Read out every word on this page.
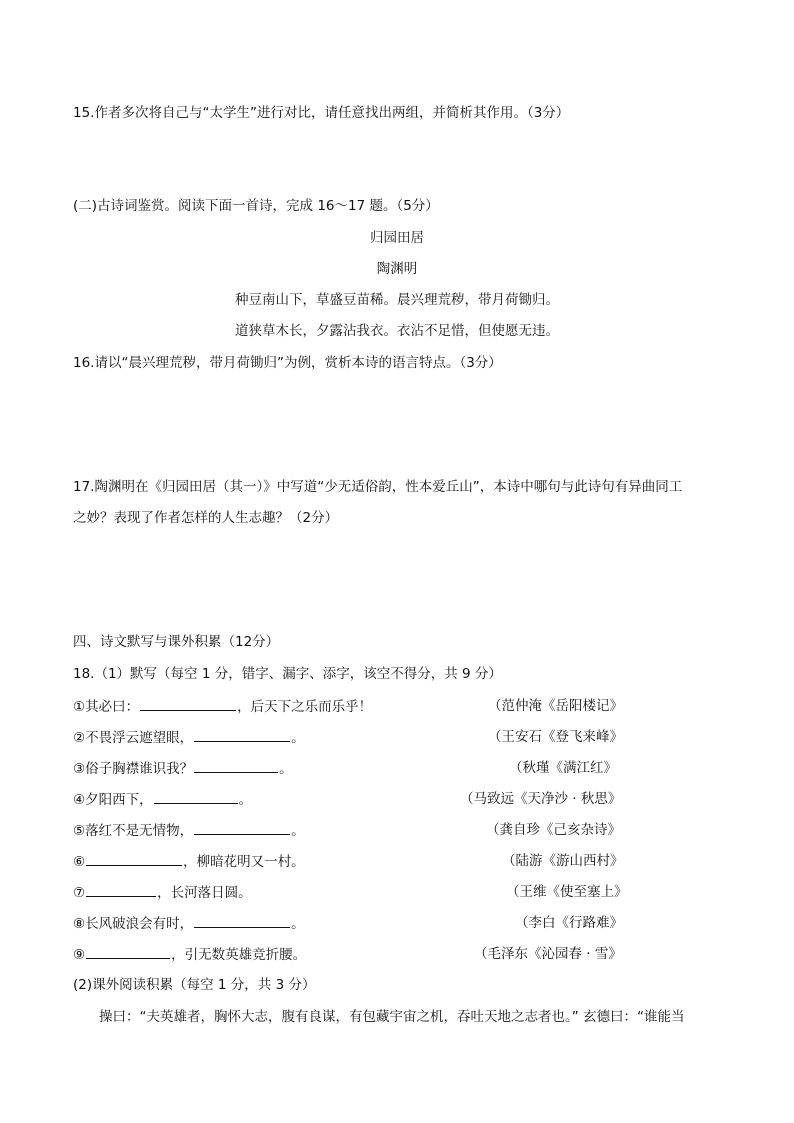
15.作者多次将自己与“太学生”进行对比，请任意找出两组，并简析其作用。（3分）
(二)古诗词鉴赏。阅读下面一首诗，完成 16～17 题。（5分）
归园田居
陶渊明
种豆南山下，草盛豆苗稀。晨兴理荒秽，带月荷锄归。
道狭草木长，夕露沾我衣。衣沾不足惜，但使愿无违。
16.请以“晨兴理荒秽，带月荷锄归”为例，赏析本诗的语言特点。（3分）
17.陶渊明在《归园田居（其一）》中写道“少无适俗韵，性本爱丘山”，本诗中哪句与此诗句有异曲同工
之妙？表现了作者怎样的人生志趣？（2分）
四、诗文默写与课外积累（12分）
18.（1）默写（每空 1 分，错字、漏字、添字，该空不得分，共 9 分）
①其必曰：	，后天下之乐而乐乎！	（范仲淹《岳阳楼记》
②不畏浮云遮望眼，	。	（王安石《登飞来峰》
③俗子胸襟谁识我？	。	（秋瑾《满江红》
④夕阳西下，	。	（马致远《天净沙 · 秋思》
⑤落红不是无情物，	。	（龚自珍《己亥杂诗》
⑥	，柳暗花明又一村。	（陆游《游山西村》
⑦	，长河落日圆。	（王维《使至塞上》
⑧长风破浪会有时，	。	（李白《行路难》
⑨	，引无数英雄竞折腰。	（毛泽东《沁园春 · 雪》
(2)课外阅读积累（每空 1 分，共 3 分）
操曰：“夫英雄者，胸怀大志，腹有良谋，有包藏宇宙之机，吞吐天地之志者也。” 玄德曰：“谁能当
